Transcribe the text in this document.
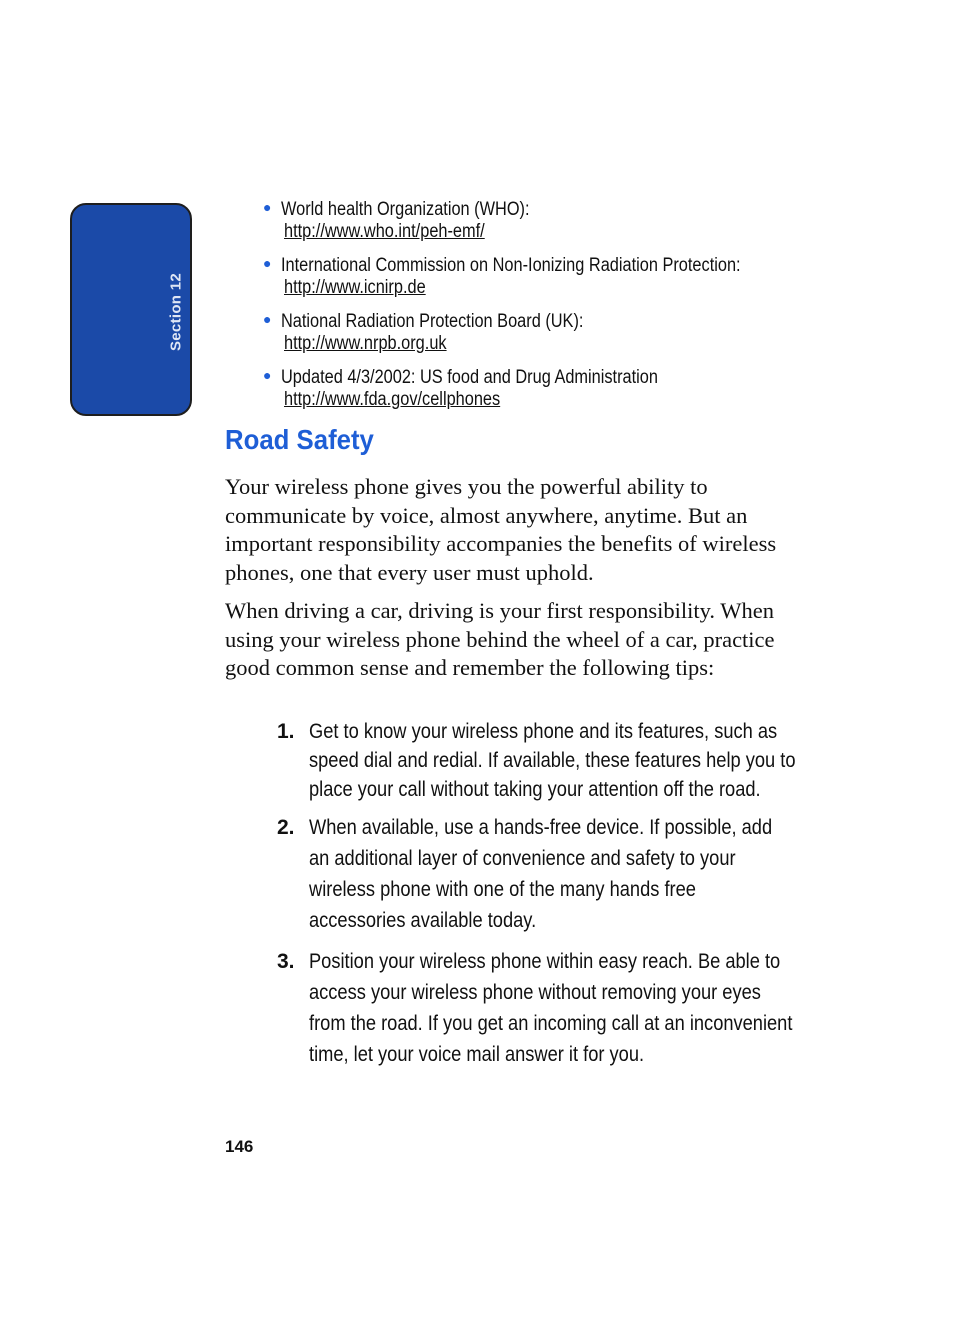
Section 12
● World health Organization (WHO):
http://www.who.int/peh-emf/
● International Commission on Non-Ionizing Radiation Protection:
http://www.icnirp.de
● National Radiation Protection Board (UK):
http://www.nrpb.org.uk
● Updated 4/3/2002: US food and Drug Administration
http://www.fda.gov/cellphones
Road Safety

Your wireless phone gives you the powerful ability to communicate by voice, almost anywhere, anytime. But an important responsibility accompanies the benefits of wireless phones, one that every user must uphold.

When driving a car, driving is your first responsibility. When using your wireless phone behind the wheel of a car, practice good common sense and remember the following tips:

1. Get to know your wireless phone and its features, such as speed dial and redial. If available, these features help you to place your call without taking your attention off the road.
2. When available, use a hands-free device. If possible, add an additional layer of convenience and safety to your wireless phone with one of the many hands free accessories available today.
3. Position your wireless phone within easy reach. Be able to access your wireless phone without removing your eyes from the road. If you get an incoming call at an inconvenient time, let your voice mail answer it for you.
146
